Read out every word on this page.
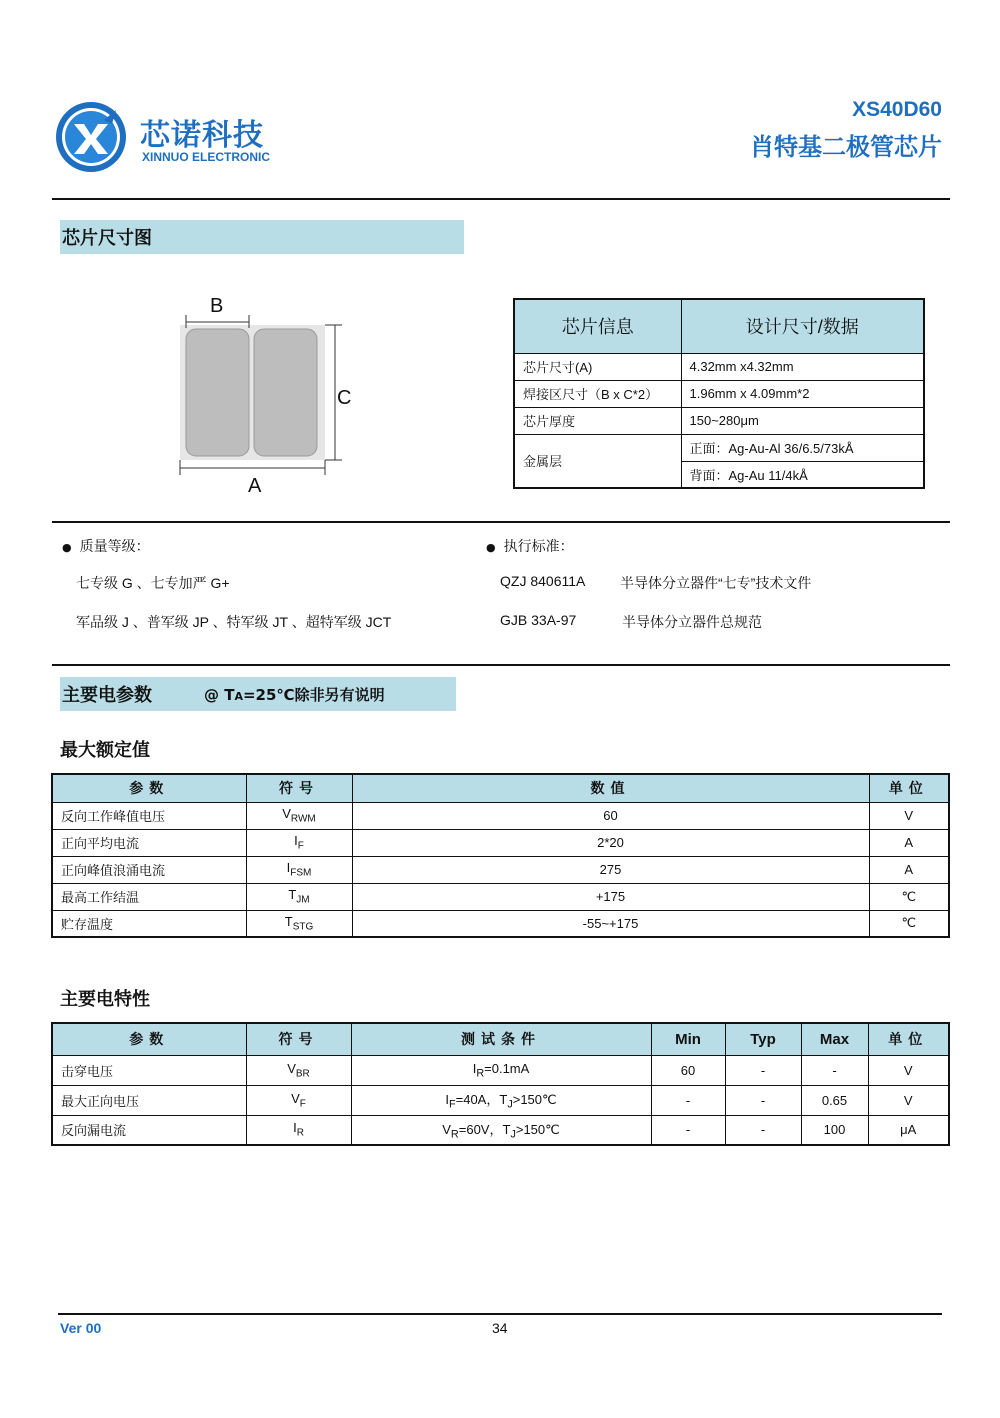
芯诺科技
XINNUO ELECTRONIC
XS40D60
肖特基二极管芯片
芯片尺寸图
B
C
A
芯片信息	设计尺寸/数据
芯片尺寸(A)	4.32mm x4.32mm
焊接区尺寸（B x C*2）	1.96mm x 4.09mm*2
芯片厚度	150~280μm
金属层	正面：Ag-Au-Al 36/6.5/73kÅ
	背面：Ag-Au 11/4kÅ
● 质量等级：
七专级 G 、七专加严 G+
军品级 J 、普军级 JP 、特军级 JT 、超特军级 JCT
● 执行标准：
QZJ 840611A 半导体分立器件“七专”技术文件
GJB 33A-97	半导体分立器件总规范
主要电参数	@ TA=25℃除非另有说明
最大额定值
参数	符号	数值	单位
反向工作峰值电压	$V_{RWM}$	60	V
正向平均电流	$I_F$	2*20	A
正向峰值浪涌电流	$I_{FSM}$	275	A
最高工作结温	$T_{JM}$	+175	℃
贮存温度	$T_{STG}$	-55~+175	℃
主要电特性
参数	符号	测试条件	Min	Typ	Max	单位
击穿电压	$V_{BR}$	$I_R=0.1mA$	60	-	-	V
最大正向电压	$V_F$	$I_F=40A$，$T_J>150℃$	-	-	0.65	V
反向漏电流	$I_R$	$V_R=60V$，$T_J>150℃$	-	-	100	μA
Ver 00	34
